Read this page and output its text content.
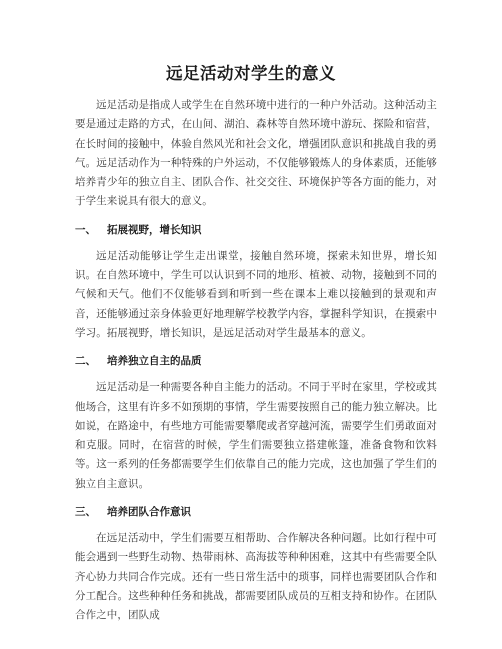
远足活动对学生的意义

远足活动是指成人或学生在自然环境中进行的一种户外活动。这种活动主要是通过走路的方式，在山间、湖泊、森林等自然环境中游玩、探险和宿营，在长时间的接触中，体验自然风光和社会文化，增强团队意识和挑战自我的勇气。远足活动作为一种特殊的户外运动，不仅能够锻炼人的身体素质，还能够培养青少年的独立自主、团队合作、社交交往、环境保护等各方面的能力，对于学生来说具有很大的意义。

一、 拓展视野，增长知识

远足活动能够让学生走出课堂，接触自然环境，探索未知世界，增长知识。在自然环境中，学生可以认识到不同的地形、植被、动物，接触到不同的气候和天气。他们不仅能够看到和听到一些在课本上难以接触到的景观和声音，还能够通过亲身体验更好地理解学校教学内容，掌握科学知识，在摸索中学习。拓展视野，增长知识，是远足活动对学生最基本的意义。

二、 培养独立自主的品质

远足活动是一种需要各种自主能力的活动。不同于平时在家里，学校或其他场合，这里有许多不如预期的事情，学生需要按照自己的能力独立解决。比如说，在路途中，有些地方可能需要攀爬或者穿越河流，需要学生们勇敢面对和克服。同时，在宿营的时候，学生们需要独立搭建帐篷，准备食物和饮料等。这一系列的任务都需要学生们依靠自己的能力完成，这也加强了学生们的独立自主意识。

三、 培养团队合作意识

在远足活动中，学生们需要互相帮助、合作解决各种问题。比如行程中可能会遇到一些野生动物、热带雨林、高海拔等种种困难，这其中有些需要全队齐心协力共同合作完成。还有一些日常生活中的琐事，同样也需要团队合作和分工配合。这些种种任务和挑战，都需要团队成员的互相支持和协作。在团队合作之中，团队成
